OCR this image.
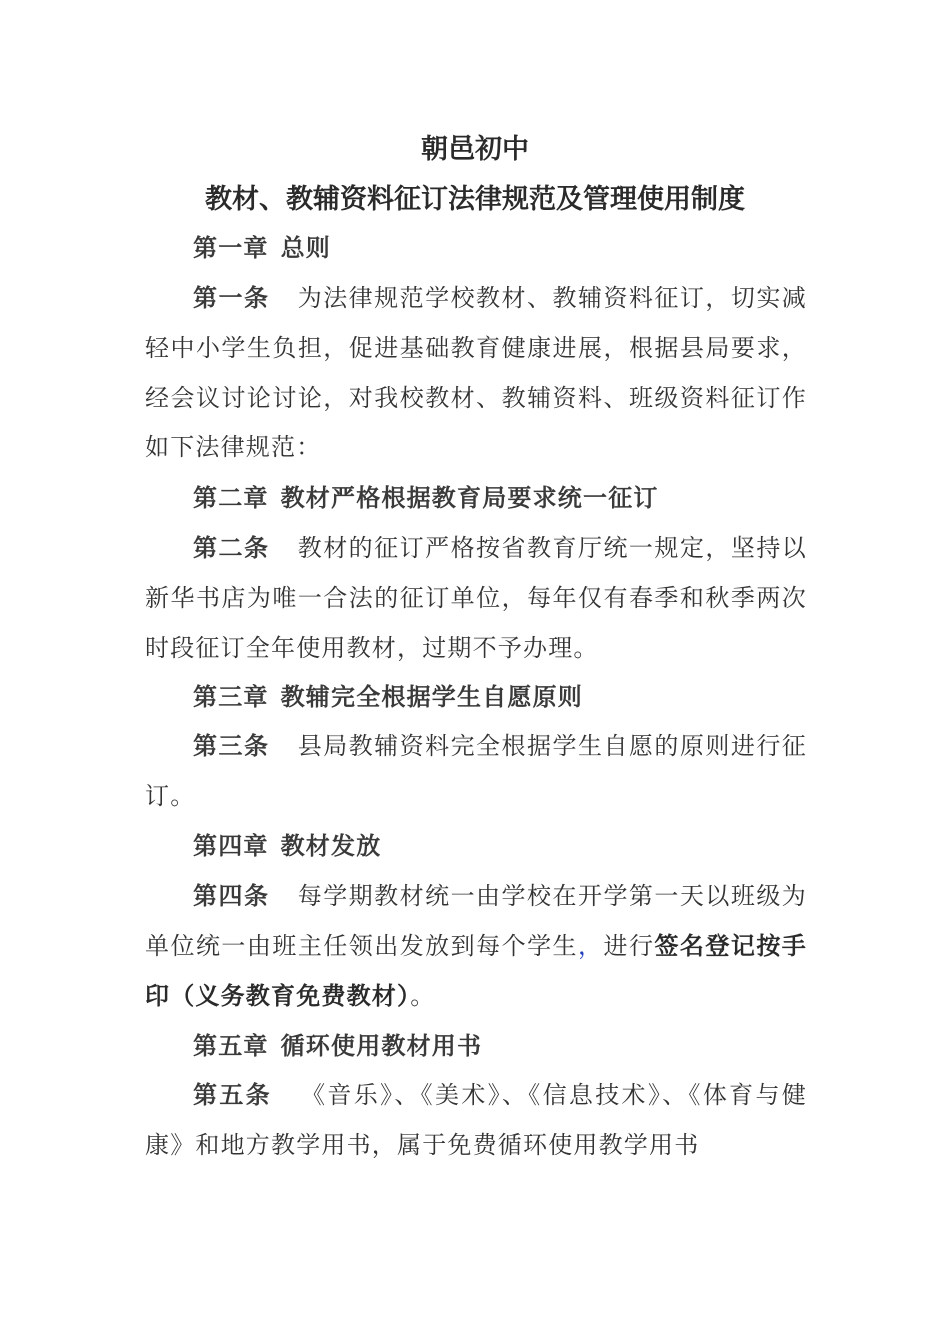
朝邑初中
教材、教辅资料征订法律规范及管理使用制度
第一章 总则
第一条 为法律规范学校教材、教辅资料征订，切实减轻中小学生负担，促进基础教育健康进展，根据县局要求，经会议讨论讨论，对我校教材、教辅资料、班级资料征订作如下法律规范：
第二章 教材严格根据教育局要求统一征订
第二条 教材的征订严格按省教育厅统一规定，坚持以新华书店为唯一合法的征订单位，每年仅有春季和秋季两次时段征订全年使用教材，过期不予办理。
第三章 教辅完全根据学生自愿原则
第三条 县局教辅资料完全根据学生自愿的原则进行征订。
第四章 教材发放
第四条 每学期教材统一由学校在开学第一天以班级为单位统一由班主任领出发放到每个学生，进行签名登记按手印（义务教育免费教材）。
第五章 循环使用教材用书
第五条 《音乐》、《美术》、《信息技术》、《体育与健康》和地方教学用书，属于免费循环使用教学用书
